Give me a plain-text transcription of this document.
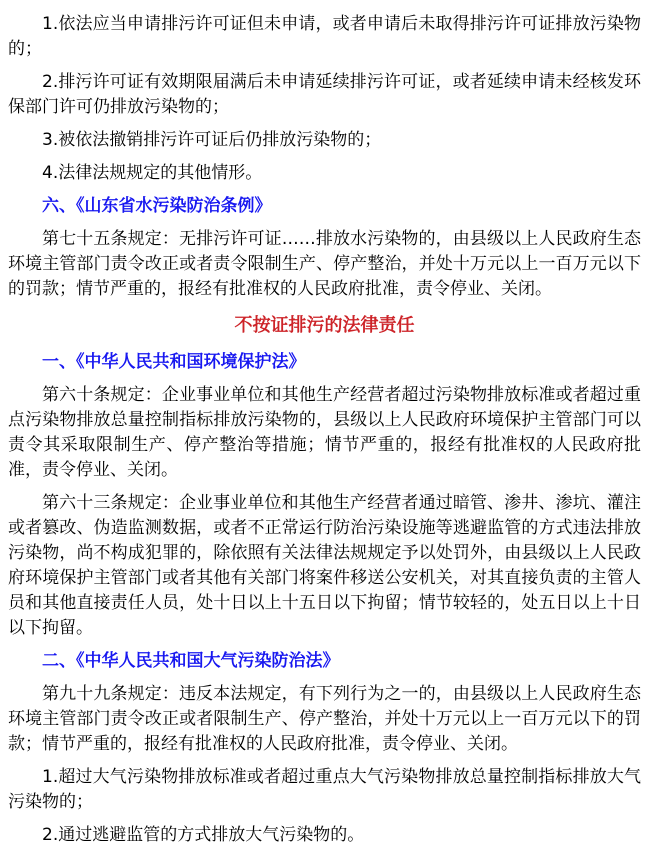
1.依法应当申请排污许可证但未申请，或者申请后未取得排污许可证排放污染物的；

2.排污许可证有效期限届满后未申请延续排污许可证，或者延续申请未经核发环保部门许可仍排放污染物的；

3.被依法撤销排污许可证后仍排放污染物的；

4.法律法规规定的其他情形。

六、《山东省水污染防治条例》

第七十五条规定：无排污许可证……排放水污染物的，由县级以上人民政府生态环境主管部门责令改正或者责令限制生产、停产整治，并处十万元以上一百万元以下的罚款；情节严重的，报经有批准权的人民政府批准，责令停业、关闭。

不按证排污的法律责任
一、《中华人民共和国环境保护法》

第六十条规定：企业事业单位和其他生产经营者超过污染物排放标准或者超过重点污染物排放总量控制指标排放污染物的，县级以上人民政府环境保护主管部门可以责令其采取限制生产、停产整治等措施；情节严重的，报经有批准权的人民政府批准，责令停业、关闭。

第六十三条规定：企业事业单位和其他生产经营者通过暗管、渗井、渗坑、灌注或者篡改、伪造监测数据，或者不正常运行防治污染设施等逃避监管的方式违法排放污染物，尚不构成犯罪的，除依照有关法律法规规定予以处罚外，由县级以上人民政府环境保护主管部门或者其他有关部门将案件移送公安机关，对其直接负责的主管人员和其他直接责任人员，处十日以上十五日以下拘留；情节较轻的，处五日以上十日以下拘留。

二、《中华人民共和国大气污染防治法》

第九十九条规定：违反本法规定，有下列行为之一的，由县级以上人民政府生态环境主管部门责令改正或者限制生产、停产整治，并处十万元以上一百万元以下的罚款；情节严重的，报经有批准权的人民政府批准，责令停业、关闭。

1.超过大气污染物排放标准或者超过重点大气污染物排放总量控制指标排放大气污染物的；

2.通过逃避监管的方式排放大气污染物的。
